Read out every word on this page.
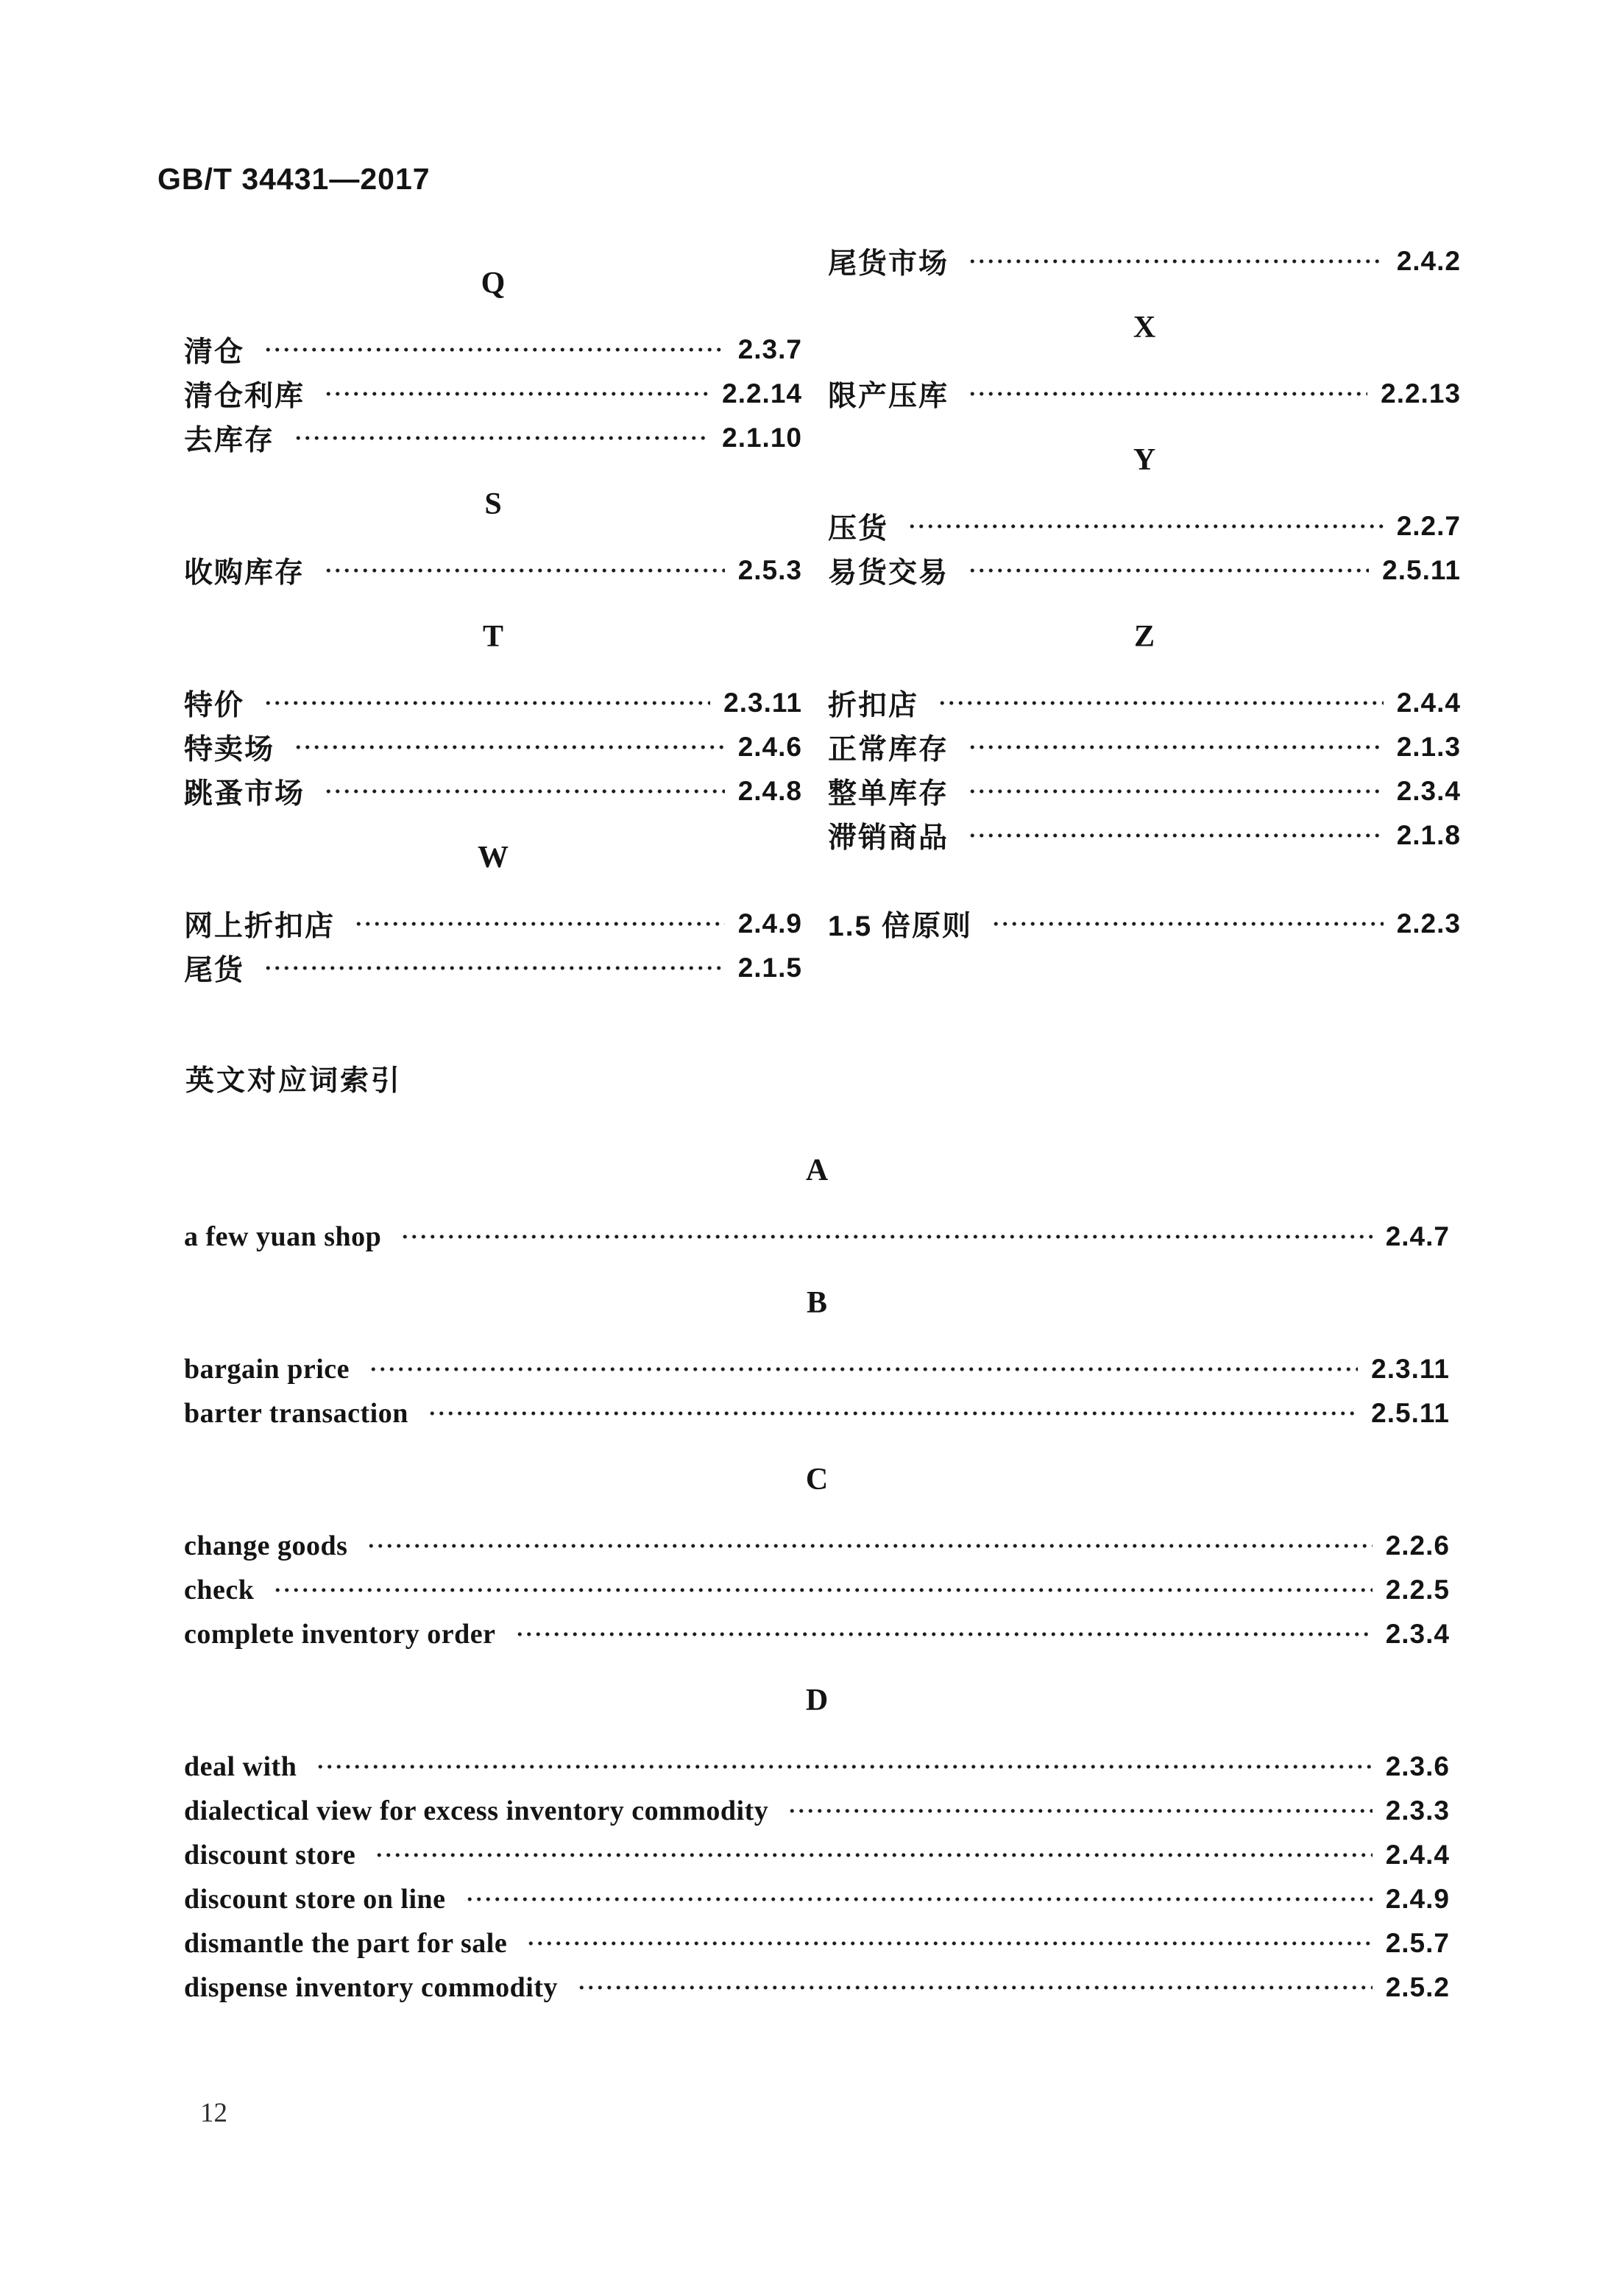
GB/T 34431—2017
Q
清仓	2.3.7
清仓利库	2.2.14
去库存	2.1.10
S
收购库存	2.5.3
T
特价	2.3.11
特卖场	2.4.6
跳蚤市场	2.4.8
W
网上折扣店	2.4.9
尾货	2.1.5
尾货市场	2.4.2
X
限产压库	2.2.13
Y
压货	2.2.7
易货交易	2.5.11
Z
折扣店	2.4.4
正常库存	2.1.3
整单库存	2.3.4
滞销商品	2.1.8
1.5 倍原则	2.2.3
英文对应词索引
A
a few yuan shop	2.4.7
B
bargain price	2.3.11
barter transaction	2.5.11
C
change goods	2.2.6
check	2.2.5
complete inventory order	2.3.4
D
deal with	2.3.6
dialectical view for excess inventory commodity	2.3.3
discount store	2.4.4
discount store on line	2.4.9
dismantle the part for sale	2.5.7
dispense inventory commodity	2.5.2
12
